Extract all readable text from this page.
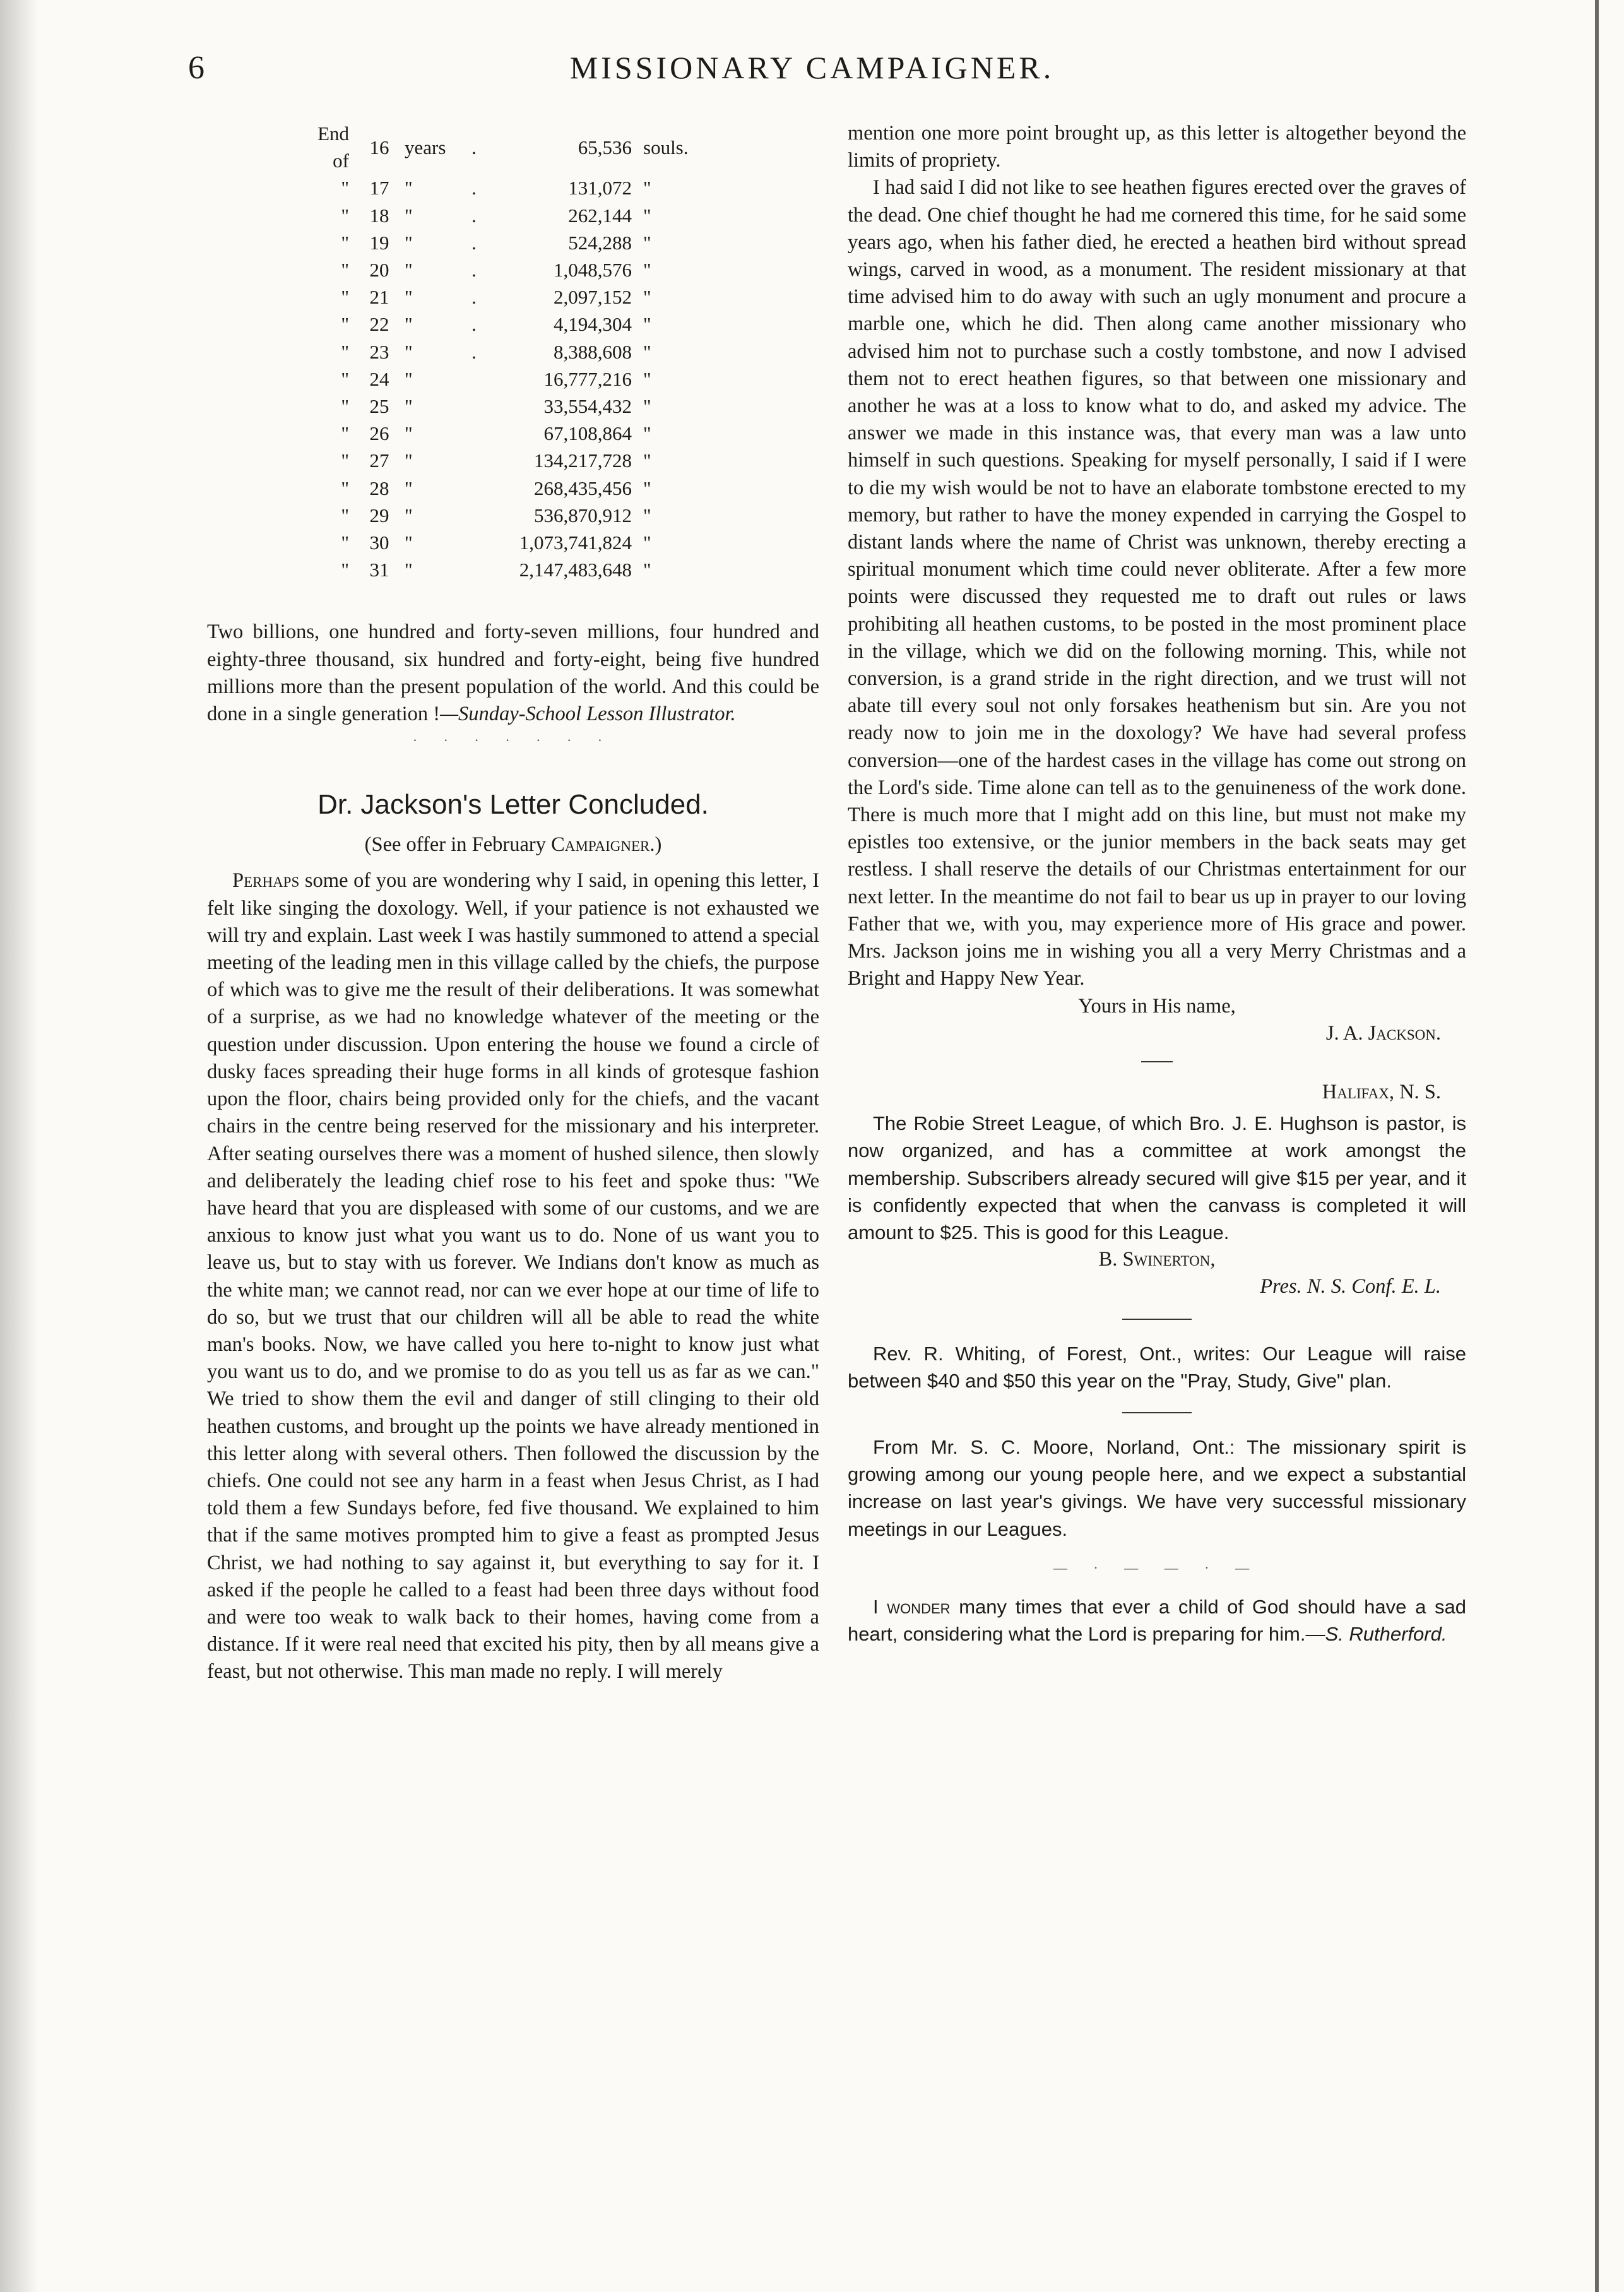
6	MISSIONARY CAMPAIGNER.
End of	16	years	.	65,536	souls.
"	17	"	.	131,072	"
"	18	"	.	262,144	"
"	19	"	.	524,288	"
"	20	"	.	1,048,576	"
"	21	"	.	2,097,152	"
"	22	"	.	4,194,304	"
"	23	"	.	8,388,608	"
"	24	"		16,777,216	"
"	25	"		33,554,432	"
"	26	"		67,108,864	"
"	27	"		134,217,728	"
"	28	"		268,435,456	"
"	29	"		536,870,912	"
"	30	"		1,073,741,824	"
"	31	"		2,147,483,648	"

Two billions, one hundred and forty-seven millions, four hundred and eighty-three thousand, six hundred and forty-eight, being five hundred millions more than the present population of the world. And this could be done in a single generation !—Sunday-School Lesson Illustrator.

· · · · · · ·
Dr. Jackson's Letter Concluded.

(See offer in February Campaigner.)

Perhaps some of you are wondering why I said, in opening this letter, I felt like singing the doxology. Well, if your patience is not exhausted we will try and explain. Last week I was hastily summoned to attend a special meeting of the leading men in this village called by the chiefs, the purpose of which was to give me the result of their deliberations. It was somewhat of a surprise, as we had no knowledge whatever of the meeting or the question under discussion. Upon entering the house we found a circle of dusky faces spreading their huge forms in all kinds of grotesque fashion upon the floor, chairs being provided only for the chiefs, and the vacant chairs in the centre being reserved for the missionary and his interpreter. After seating ourselves there was a moment of hushed silence, then slowly and deliberately the leading chief rose to his feet and spoke thus: "We have heard that you are displeased with some of our customs, and we are anxious to know just what you want us to do. None of us want you to leave us, but to stay with us forever. We Indians don't know as much as the white man; we cannot read, nor can we ever hope at our time of life to do so, but we trust that our children will all be able to read the white man's books. Now, we have called you here to-night to know just what you want us to do, and we promise to do as you tell us as far as we can." We tried to show them the evil and danger of still clinging to their old heathen customs, and brought up the points we have already mentioned in this letter along with several others. Then followed the discussion by the chiefs. One could not see any harm in a feast when Jesus Christ, as I had told them a few Sundays before, fed five thousand. We explained to him that if the same motives prompted him to give a feast as prompted Jesus Christ, we had nothing to say against it, but everything to say for it. I asked if the people he called to a feast had been three days without food and were too weak to walk back to their homes, having come from a distance. If it were real need that excited his pity, then by all means give a feast, but not otherwise. This man made no reply. I will merely

mention one more point brought up, as this letter is altogether beyond the limits of propriety.

I had said I did not like to see heathen figures erected over the graves of the dead. One chief thought he had me cornered this time, for he said some years ago, when his father died, he erected a heathen bird without spread wings, carved in wood, as a monument. The resident missionary at that time advised him to do away with such an ugly monument and procure a marble one, which he did. Then along came another missionary who advised him not to purchase such a costly tombstone, and now I advised them not to erect heathen figures, so that between one missionary and another he was at a loss to know what to do, and asked my advice. The answer we made in this instance was, that every man was a law unto himself in such questions. Speaking for myself personally, I said if I were to die my wish would be not to have an elaborate tombstone erected to my memory, but rather to have the money expended in carrying the Gospel to distant lands where the name of Christ was unknown, thereby erecting a spiritual monument which time could never obliterate. After a few more points were discussed they requested me to draft out rules or laws prohibiting all heathen customs, to be posted in the most prominent place in the village, which we did on the following morning. This, while not conversion, is a grand stride in the right direction, and we trust will not abate till every soul not only forsakes heathenism but sin. Are you not ready now to join me in the doxology? We have had several profess conversion—one of the hardest cases in the village has come out strong on the Lord's side. Time alone can tell as to the genuineness of the work done. There is much more that I might add on this line, but must not make my epistles too extensive, or the junior members in the back seats may get restless. I shall reserve the details of our Christmas entertainment for our next letter. In the meantime do not fail to bear us up in prayer to our loving Father that we, with you, may experience more of His grace and power. Mrs. Jackson joins me in wishing you all a very Merry Christmas and a Bright and Happy New Year.

Yours in His name,

J. A. Jackson.

Halifax, N. S.

The Robie Street League, of which Bro. J. E. Hughson is pastor, is now organized, and has a committee at work amongst the membership. Subscribers already secured will give $15 per year, and it is confidently expected that when the canvass is completed it will amount to $25. This is good for this League.

B. Swinerton,

Pres. N. S. Conf. E. L.

Rev. R. Whiting, of Forest, Ont., writes: Our League will raise between $40 and $50 this year on the "Pray, Study, Give" plan.

From Mr. S. C. Moore, Norland, Ont.: The missionary spirit is growing among our young people here, and we expect a substantial increase on last year's givings. We have very successful missionary meetings in our Leagues.

— · — — · —

I wonder many times that ever a child of God should have a sad heart, considering what the Lord is preparing for him.—S. Rutherford.
